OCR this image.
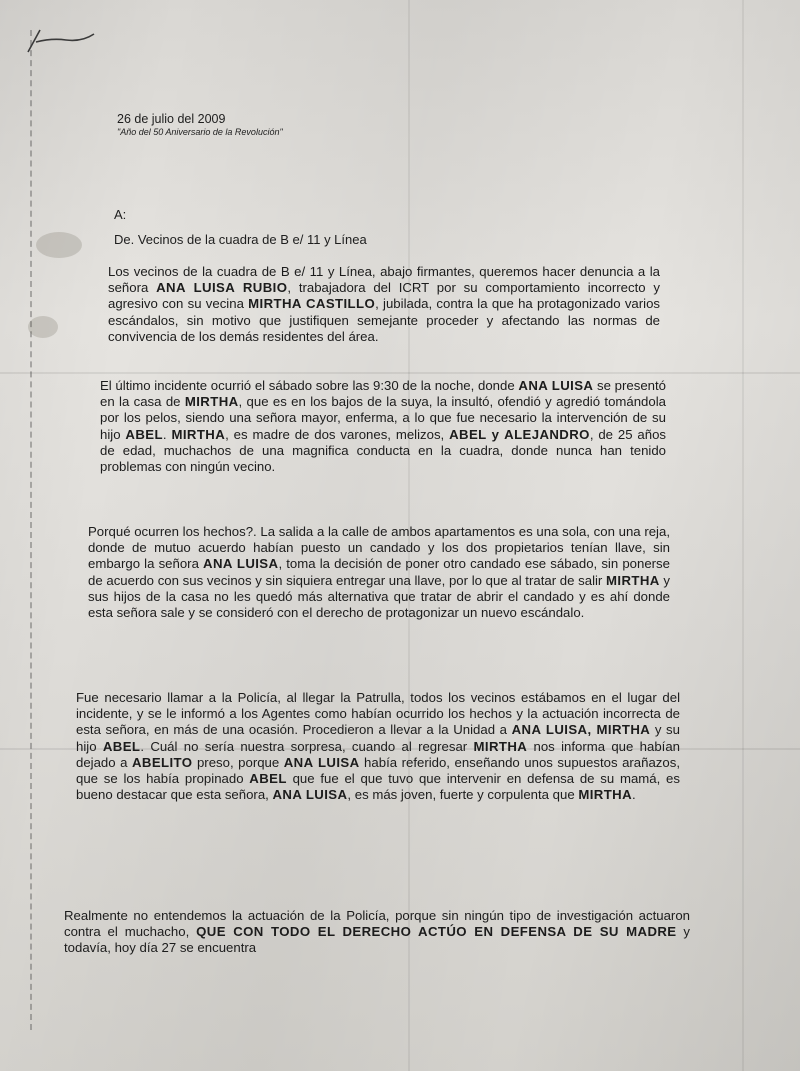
26 de julio del 2009
"Año del 50 Aniversario de la Revolución"
A:
De. Vecinos de la cuadra de B e/ 11 y Línea
Los vecinos de la cuadra de B e/ 11 y Línea, abajo firmantes, queremos hacer denuncia a la señora ANA LUISA RUBIO, trabajadora del ICRT por su comportamiento incorrecto y agresivo con su vecina MIRTHA CASTILLO, jubilada, contra la que ha protagonizado varios escándalos, sin motivo que justifiquen semejante proceder y afectando las normas de convivencia de los demás residentes del área.
El último incidente ocurrió el sábado sobre las 9:30 de la noche, donde ANA LUISA se presentó en la casa de MIRTHA, que es en los bajos de la suya, la insultó, ofendió y agredió tomándola por los pelos, siendo una señora mayor, enferma, a lo que fue necesario la intervención de su hijo ABEL. MIRTHA, es madre de dos varones, melizos, ABEL y ALEJANDRO, de 25 años de edad, muchachos de una magnifica conducta en la cuadra, donde nunca han tenido problemas con ningún vecino.
Porqué ocurren los hechos?. La salida a la calle de ambos apartamentos es una sola, con una reja, donde de mutuo acuerdo habían puesto un candado y los dos propietarios tenían llave, sin embargo la señora ANA LUISA, toma la decisión de poner otro candado ese sábado, sin ponerse de acuerdo con sus vecinos y sin siquiera entregar una llave, por lo que al tratar de salir MIRTHA y sus hijos de la casa no les quedó más alternativa que tratar de abrir el candado y es ahí donde esta señora sale y se consideró con el derecho de protagonizar un nuevo escándalo.
Fue necesario llamar a la Policía, al llegar la Patrulla, todos los vecinos estábamos en el lugar del incidente, y se le informó a los Agentes como habían ocurrido los hechos y la actuación incorrecta de esta señora, en más de una ocasión. Procedieron a llevar a la Unidad a ANA LUISA, MIRTHA y su hijo ABEL. Cuál no sería nuestra sorpresa, cuando al regresar MIRTHA nos informa que habían dejado a ABELITO preso, porque ANA LUISA había referido, enseñando unos supuestos arañazos, que se los había propinado ABEL que fue el que tuvo que intervenir en defensa de su mamá, es bueno destacar que esta señora, ANA LUISA, es más joven, fuerte y corpulenta que MIRTHA.
Realmente no entendemos la actuación de la Policía, porque sin ningún tipo de investigación actuaron contra el muchacho, QUE CON TODO EL DERECHO ACTÚO EN DEFENSA DE SU MADRE y todavía, hoy día 27 se encuentra
